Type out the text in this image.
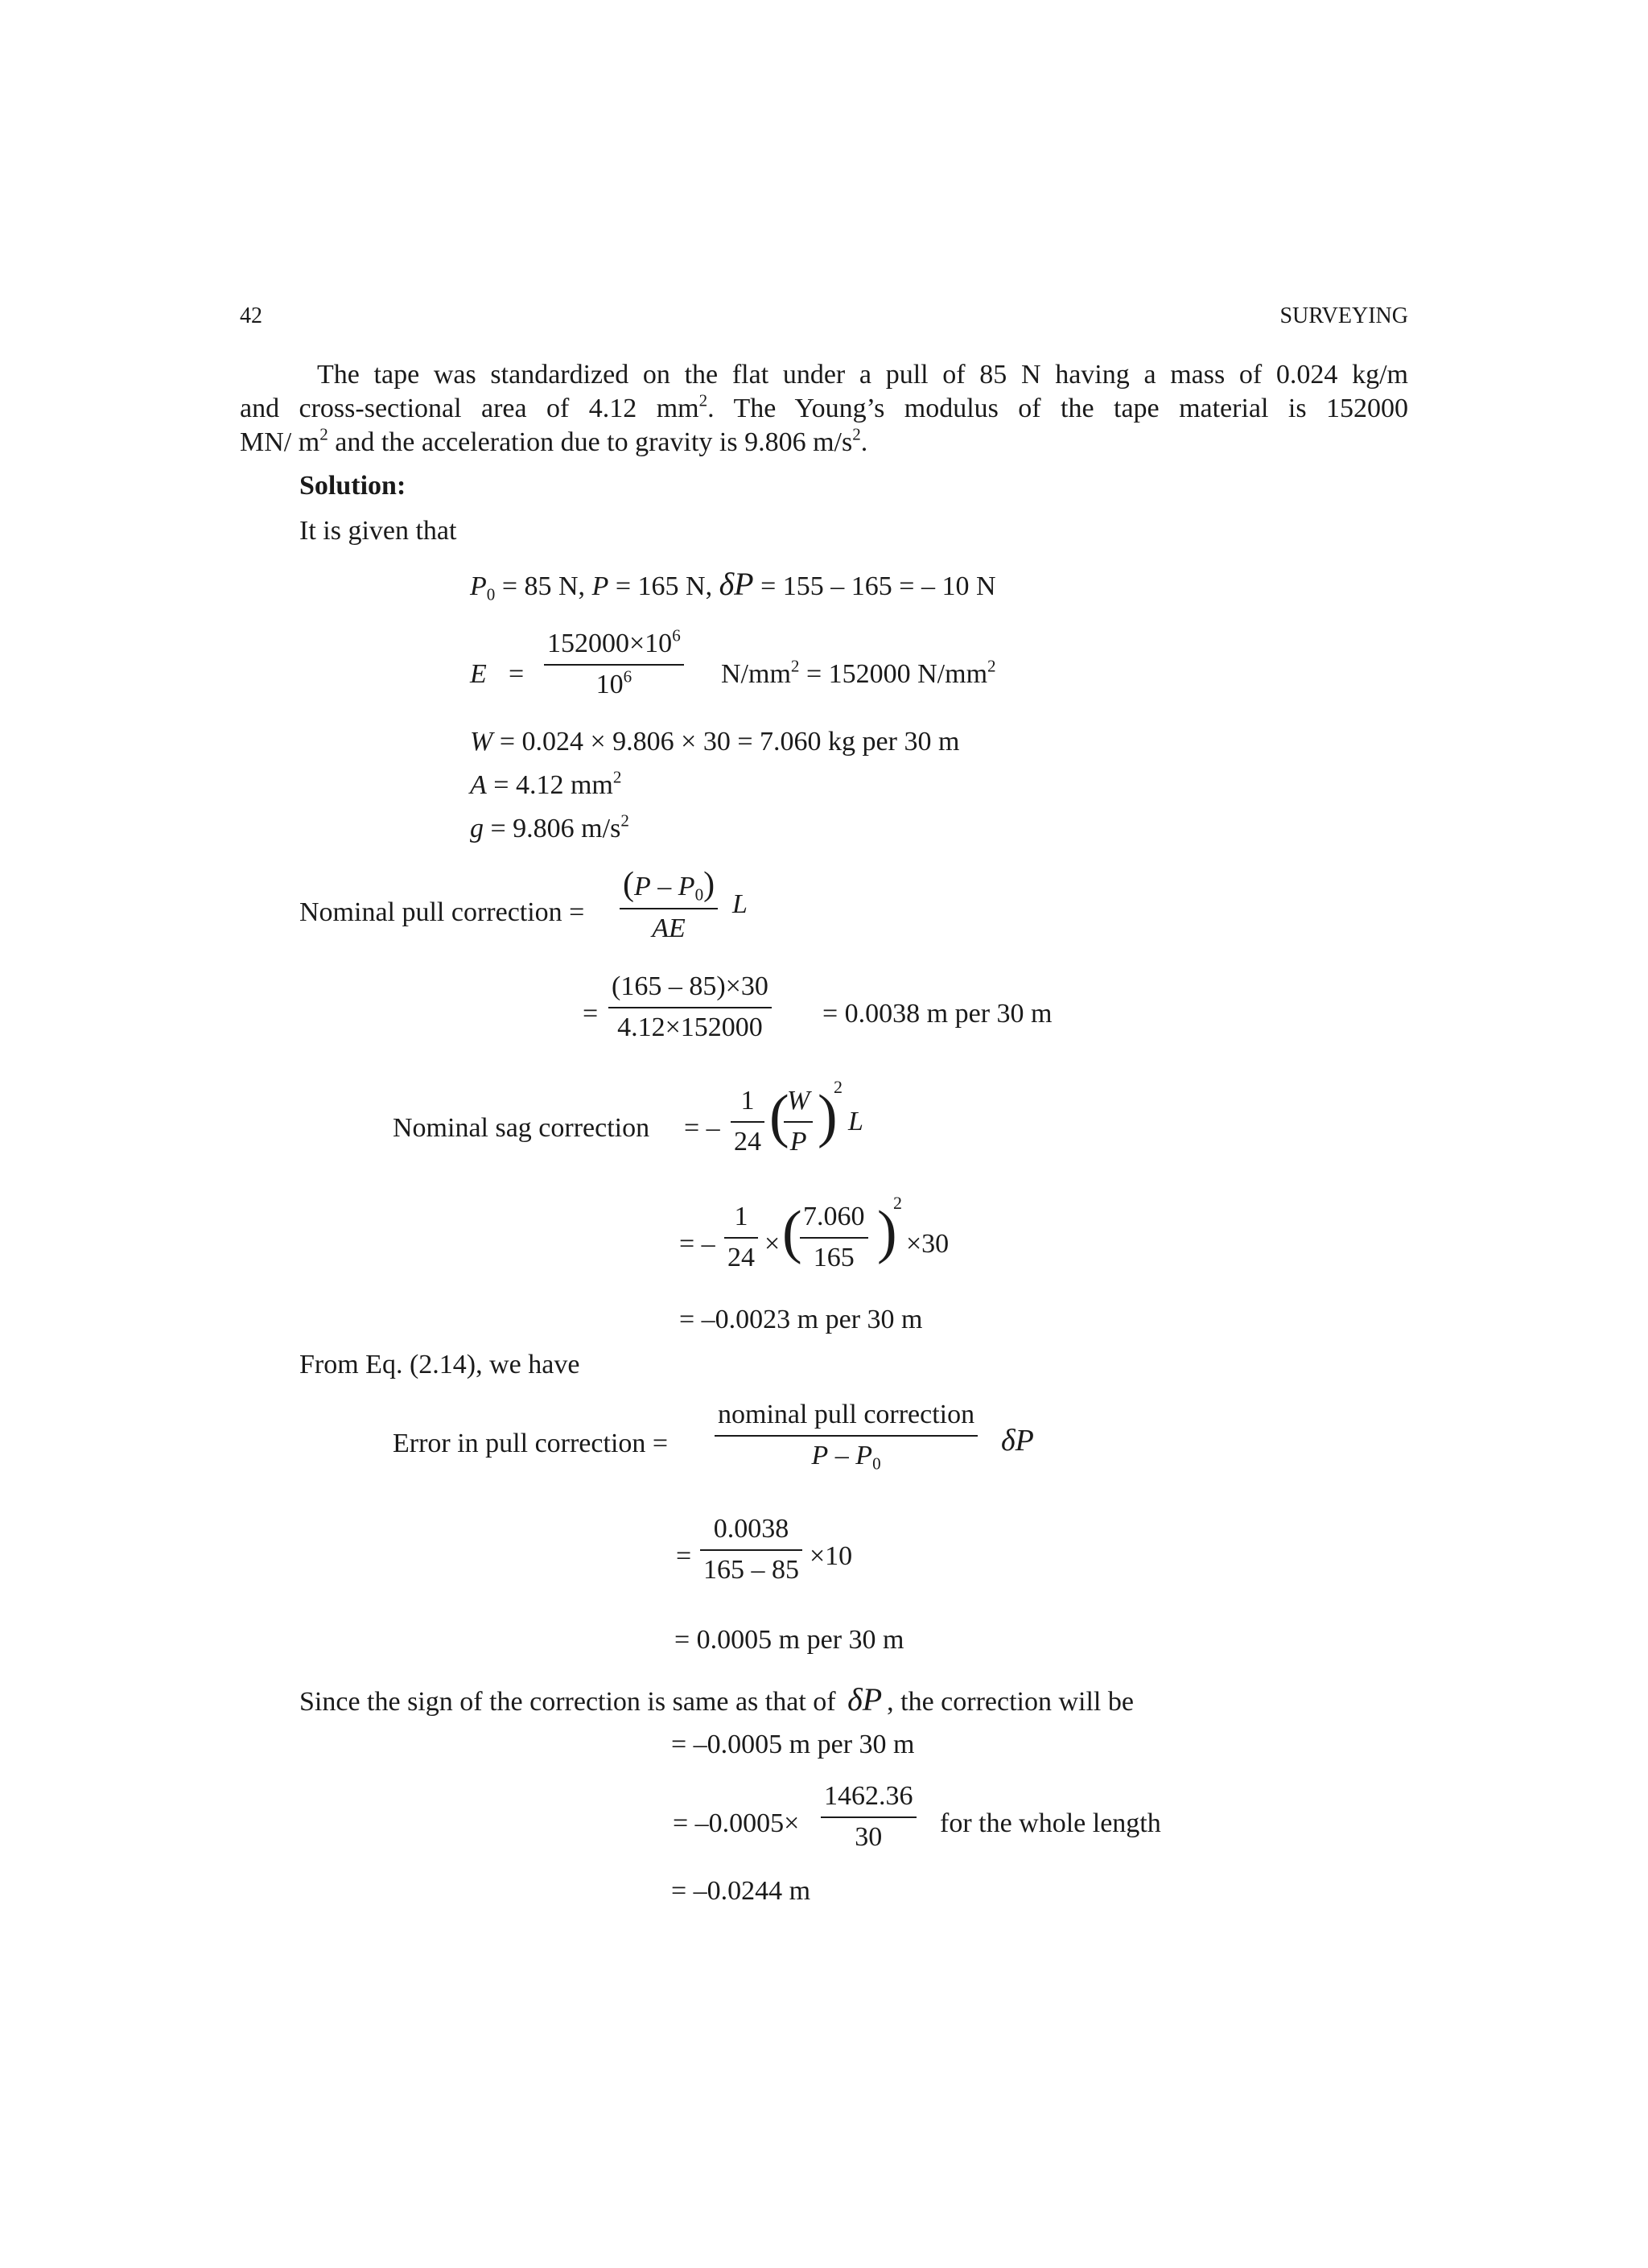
42	SURVEYING
The tape was standardized on the flat under a pull of 85 N having a mass of 0.024 kg/m
and cross-sectional area of 4.12 $mm^2$. The Young’s modulus of the tape material is 152000
MN/ $m^2$ and the acceleration due to gravity is 9.806 $m/s^2$.
Solution:
It is given that
$P_0 = 85$ N, P = 165 N, δP = 155 – 165 = – 10 N
E =
$152000\times 10^6$
$10^6$	$N/mm^2 = 152000$ $N/mm^2$
W = 0.024 × 9.806 × 30 = 7.060 kg per 30 m
A = 4.12 $mm^2$
g = 9.806 $m/s^2$
Nominal pull correction =
$(P - P_0)$
AE
L
=
(165 – 85)×30
4.12×152000 = 0.0038 m per 30 m
Nominal sag correction = –
1
24 (
W
P )
2
L
= –
1
24 × ( 7.060
165 )
2
×30
= –0.0023 m per 30 m
From Eq. (2.14), we have
Error in pull correction =
nominal pull correction
P – $P_0$
δP
=
0.0038
165 – 85 ×10
= 0.0005 m per 30 m
Since the sign of the correction is same as that of δP , the correction will be
= –0.0005 m per 30 m
= –0.0005×
1462.36
30 for the whole length
= –0.0244 m
